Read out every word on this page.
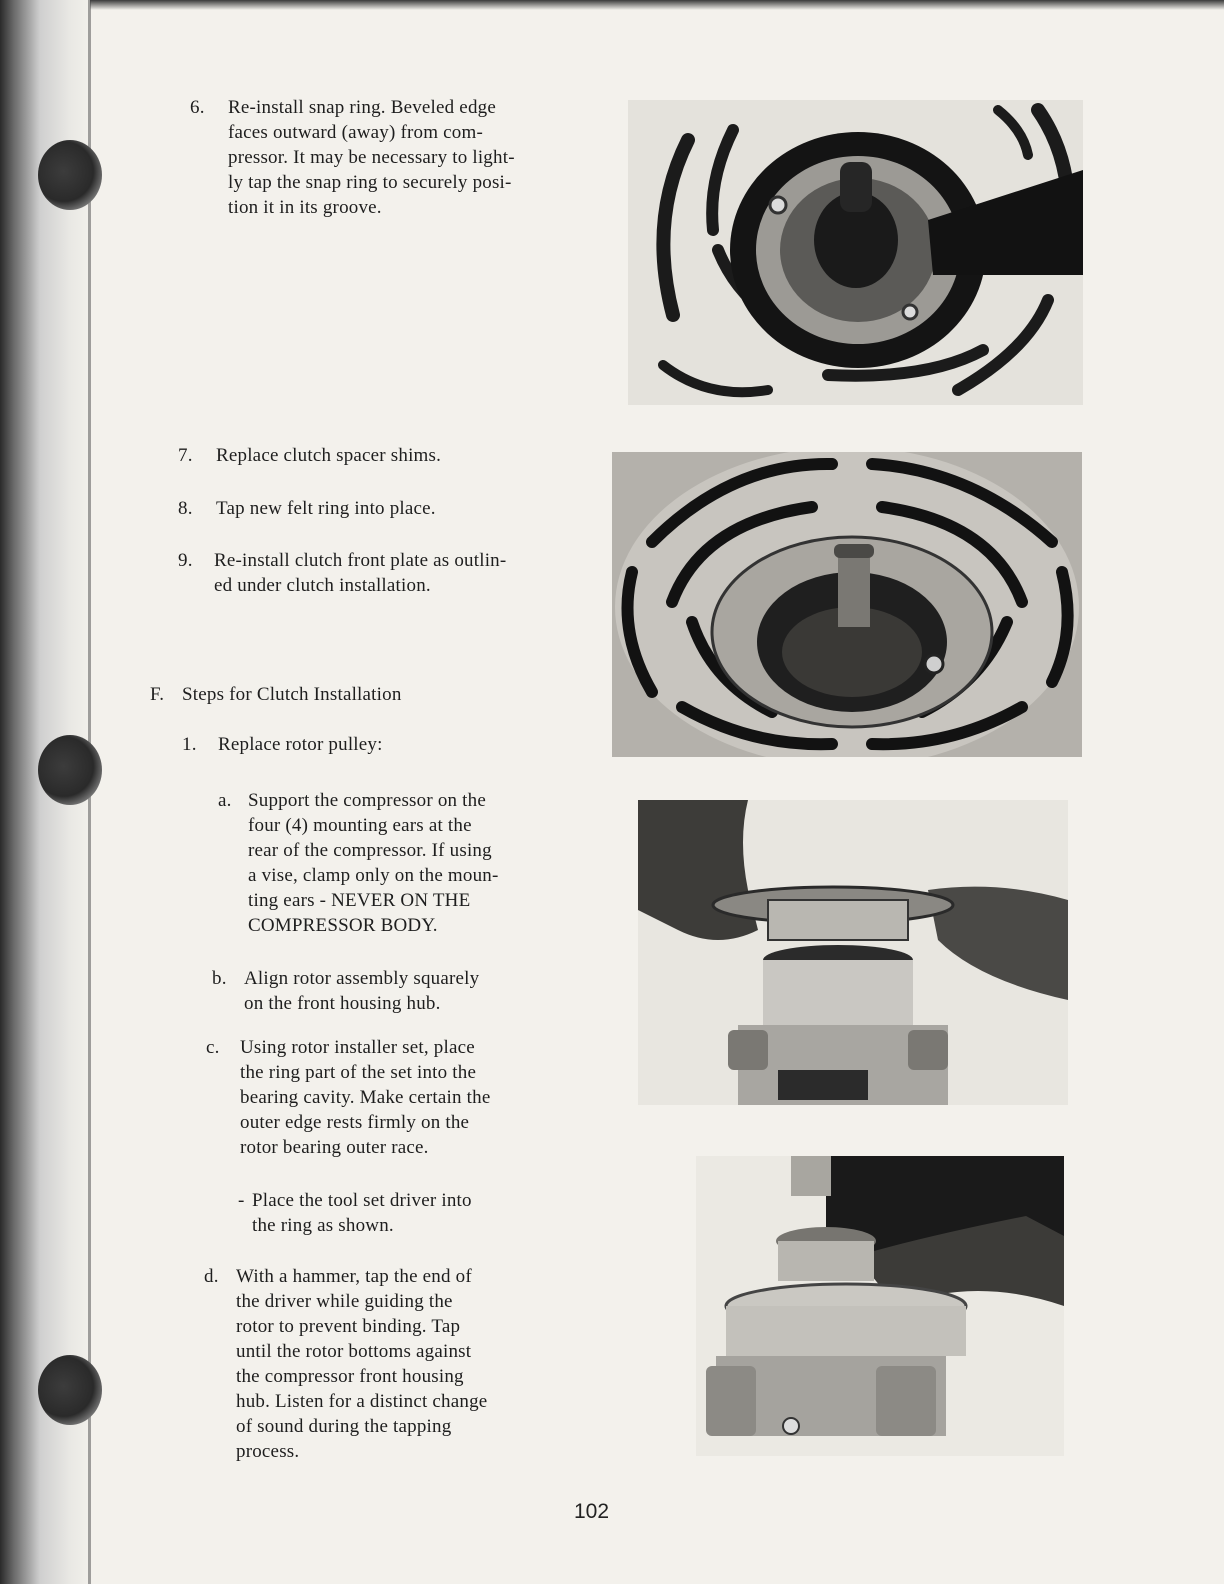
6. Re-install snap ring. Beveled edge
faces outward (away) from com-
pressor. It may be necessary to light-
ly tap the snap ring to securely posi-
tion it in its groove.
7. Replace clutch spacer shims.
8. Tap new felt ring into place.
9. Re-install clutch front plate as outlin-
ed under clutch installation.
F. Steps for Clutch Installation
1. Replace rotor pulley:
a. Support the compressor on the
four (4) mounting ears at the
rear of the compressor. If using
a vise, clamp only on the moun-
ting ears - NEVER ON THE
COMPRESSOR BODY.
b. Align rotor assembly squarely
on the front housing hub.
c. Using rotor installer set, place
the ring part of the set into the
bearing cavity. Make certain the
outer edge rests firmly on the
rotor bearing outer race.
- Place the tool set driver into
the ring as shown.
d. With a hammer, tap the end of
the driver while guiding the
rotor to prevent binding. Tap
until the rotor bottoms against
the compressor front housing
hub. Listen for a distinct change
of sound during the tapping
process.
102
